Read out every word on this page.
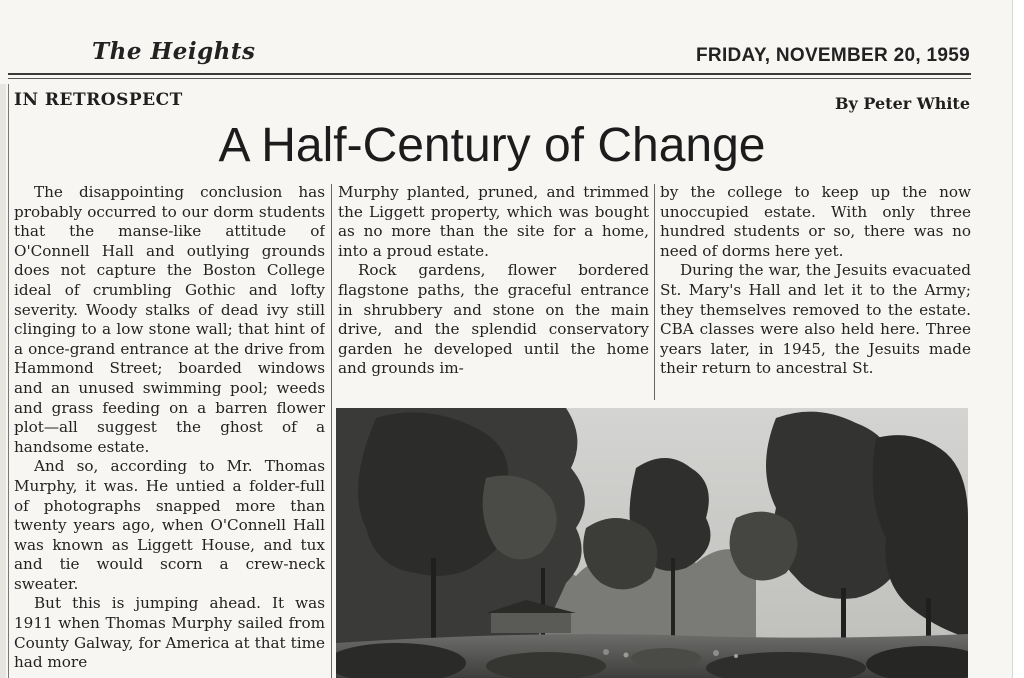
The Heights	FRIDAY, NOVEMBER 20, 1959
IN RETROSPECT	By Peter White
A Half-Century of Change

The disappointing conclusion has probably occurred to our dorm students that the manse-like attitude of O'Connell Hall and outlying grounds does not capture the Boston College ideal of crumbling Gothic and lofty severity. Woody stalks of dead ivy still clinging to a low stone wall; that hint of a once-grand entrance at the drive from Hammond Street; boarded windows and an unused swimming pool; weeds and grass feeding on a barren flower plot—all suggest the ghost of a handsome estate.

And so, according to Mr. Thomas Murphy, it was. He untied a folder-full of photographs snapped more than twenty years ago, when O'Connell Hall was known as Liggett House, and tux and tie would scorn a crew-neck sweater.

But this is jumping ahead. It was 1911 when Thomas Murphy sailed from County Galway, for America at that time had more

Murphy planted, pruned, and trimmed the Liggett property, which was bought as no more than the site for a home, into a proud estate.

Rock gardens, flower bordered flagstone paths, the graceful entrance in shrubbery and stone on the main drive, and the splendid conservatory garden he developed until the home and grounds im-

by the college to keep up the now unoccupied estate. With only three hundred students or so, there was no need of dorms here yet.

During the war, the Jesuits evacuated St. Mary's Hall and let it to the Army; they themselves removed to the estate. CBA classes were also held here. Three years later, in 1945, the Jesuits made their return to ancestral St.
